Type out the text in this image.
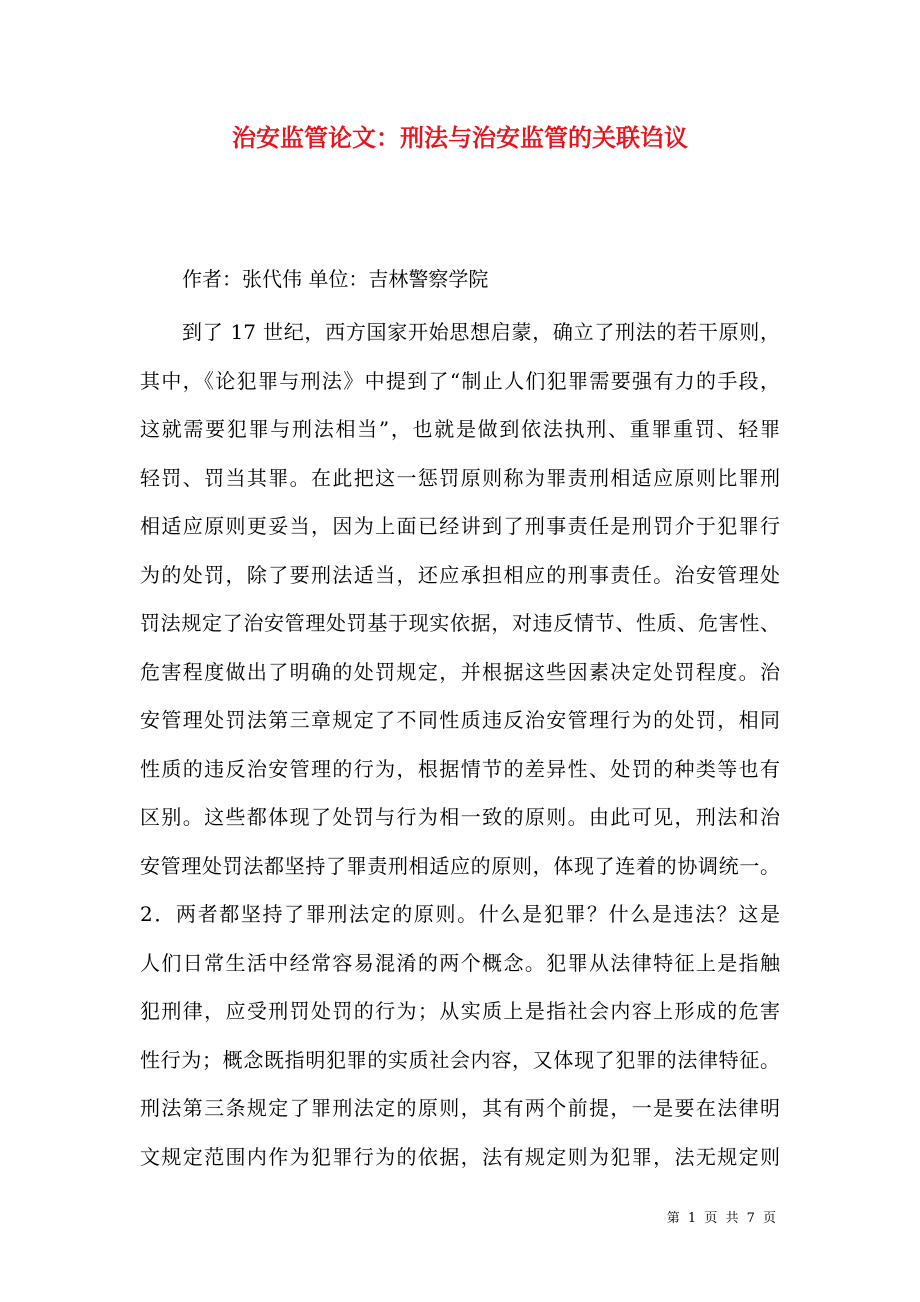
治安监管论文：刑法与治安监管的关联诌议
作者：张代伟 单位：吉林警察学院
到了 17 世纪，西方国家开始思想启蒙，确立了刑法的若干原则，
其中，《论犯罪与刑法》中提到了“制止人们犯罪需要强有力的手段，
这就需要犯罪与刑法相当”，也就是做到依法执刑、重罪重罚、轻罪
轻罚、罚当其罪。在此把这一惩罚原则称为罪责刑相适应原则比罪刑
相适应原则更妥当，因为上面已经讲到了刑事责任是刑罚介于犯罪行
为的处罚，除了要刑法适当，还应承担相应的刑事责任。治安管理处
罚法规定了治安管理处罚基于现实依据，对违反情节、性质、危害性、
危害程度做出了明确的处罚规定，并根据这些因素决定处罚程度。治
安管理处罚法第三章规定了不同性质违反治安管理行为的处罚，相同
性质的违反治安管理的行为，根据情节的差异性、处罚的种类等也有
区别。这些都体现了处罚与行为相一致的原则。由此可见，刑法和治
安管理处罚法都坚持了罪责刑相适应的原则，体现了连着的协调统一。
2．两者都坚持了罪刑法定的原则。什么是犯罪？什么是违法？这是
人们日常生活中经常容易混淆的两个概念。犯罪从法律特征上是指触
犯刑律，应受刑罚处罚的行为；从实质上是指社会内容上形成的危害
性行为；概念既指明犯罪的实质社会内容，又体现了犯罪的法律特征。
刑法第三条规定了罪刑法定的原则，其有两个前提，一是要在法律明
文规定范围内作为犯罪行为的依据，法有规定则为犯罪，法无规定则
第 1 页 共 7 页
